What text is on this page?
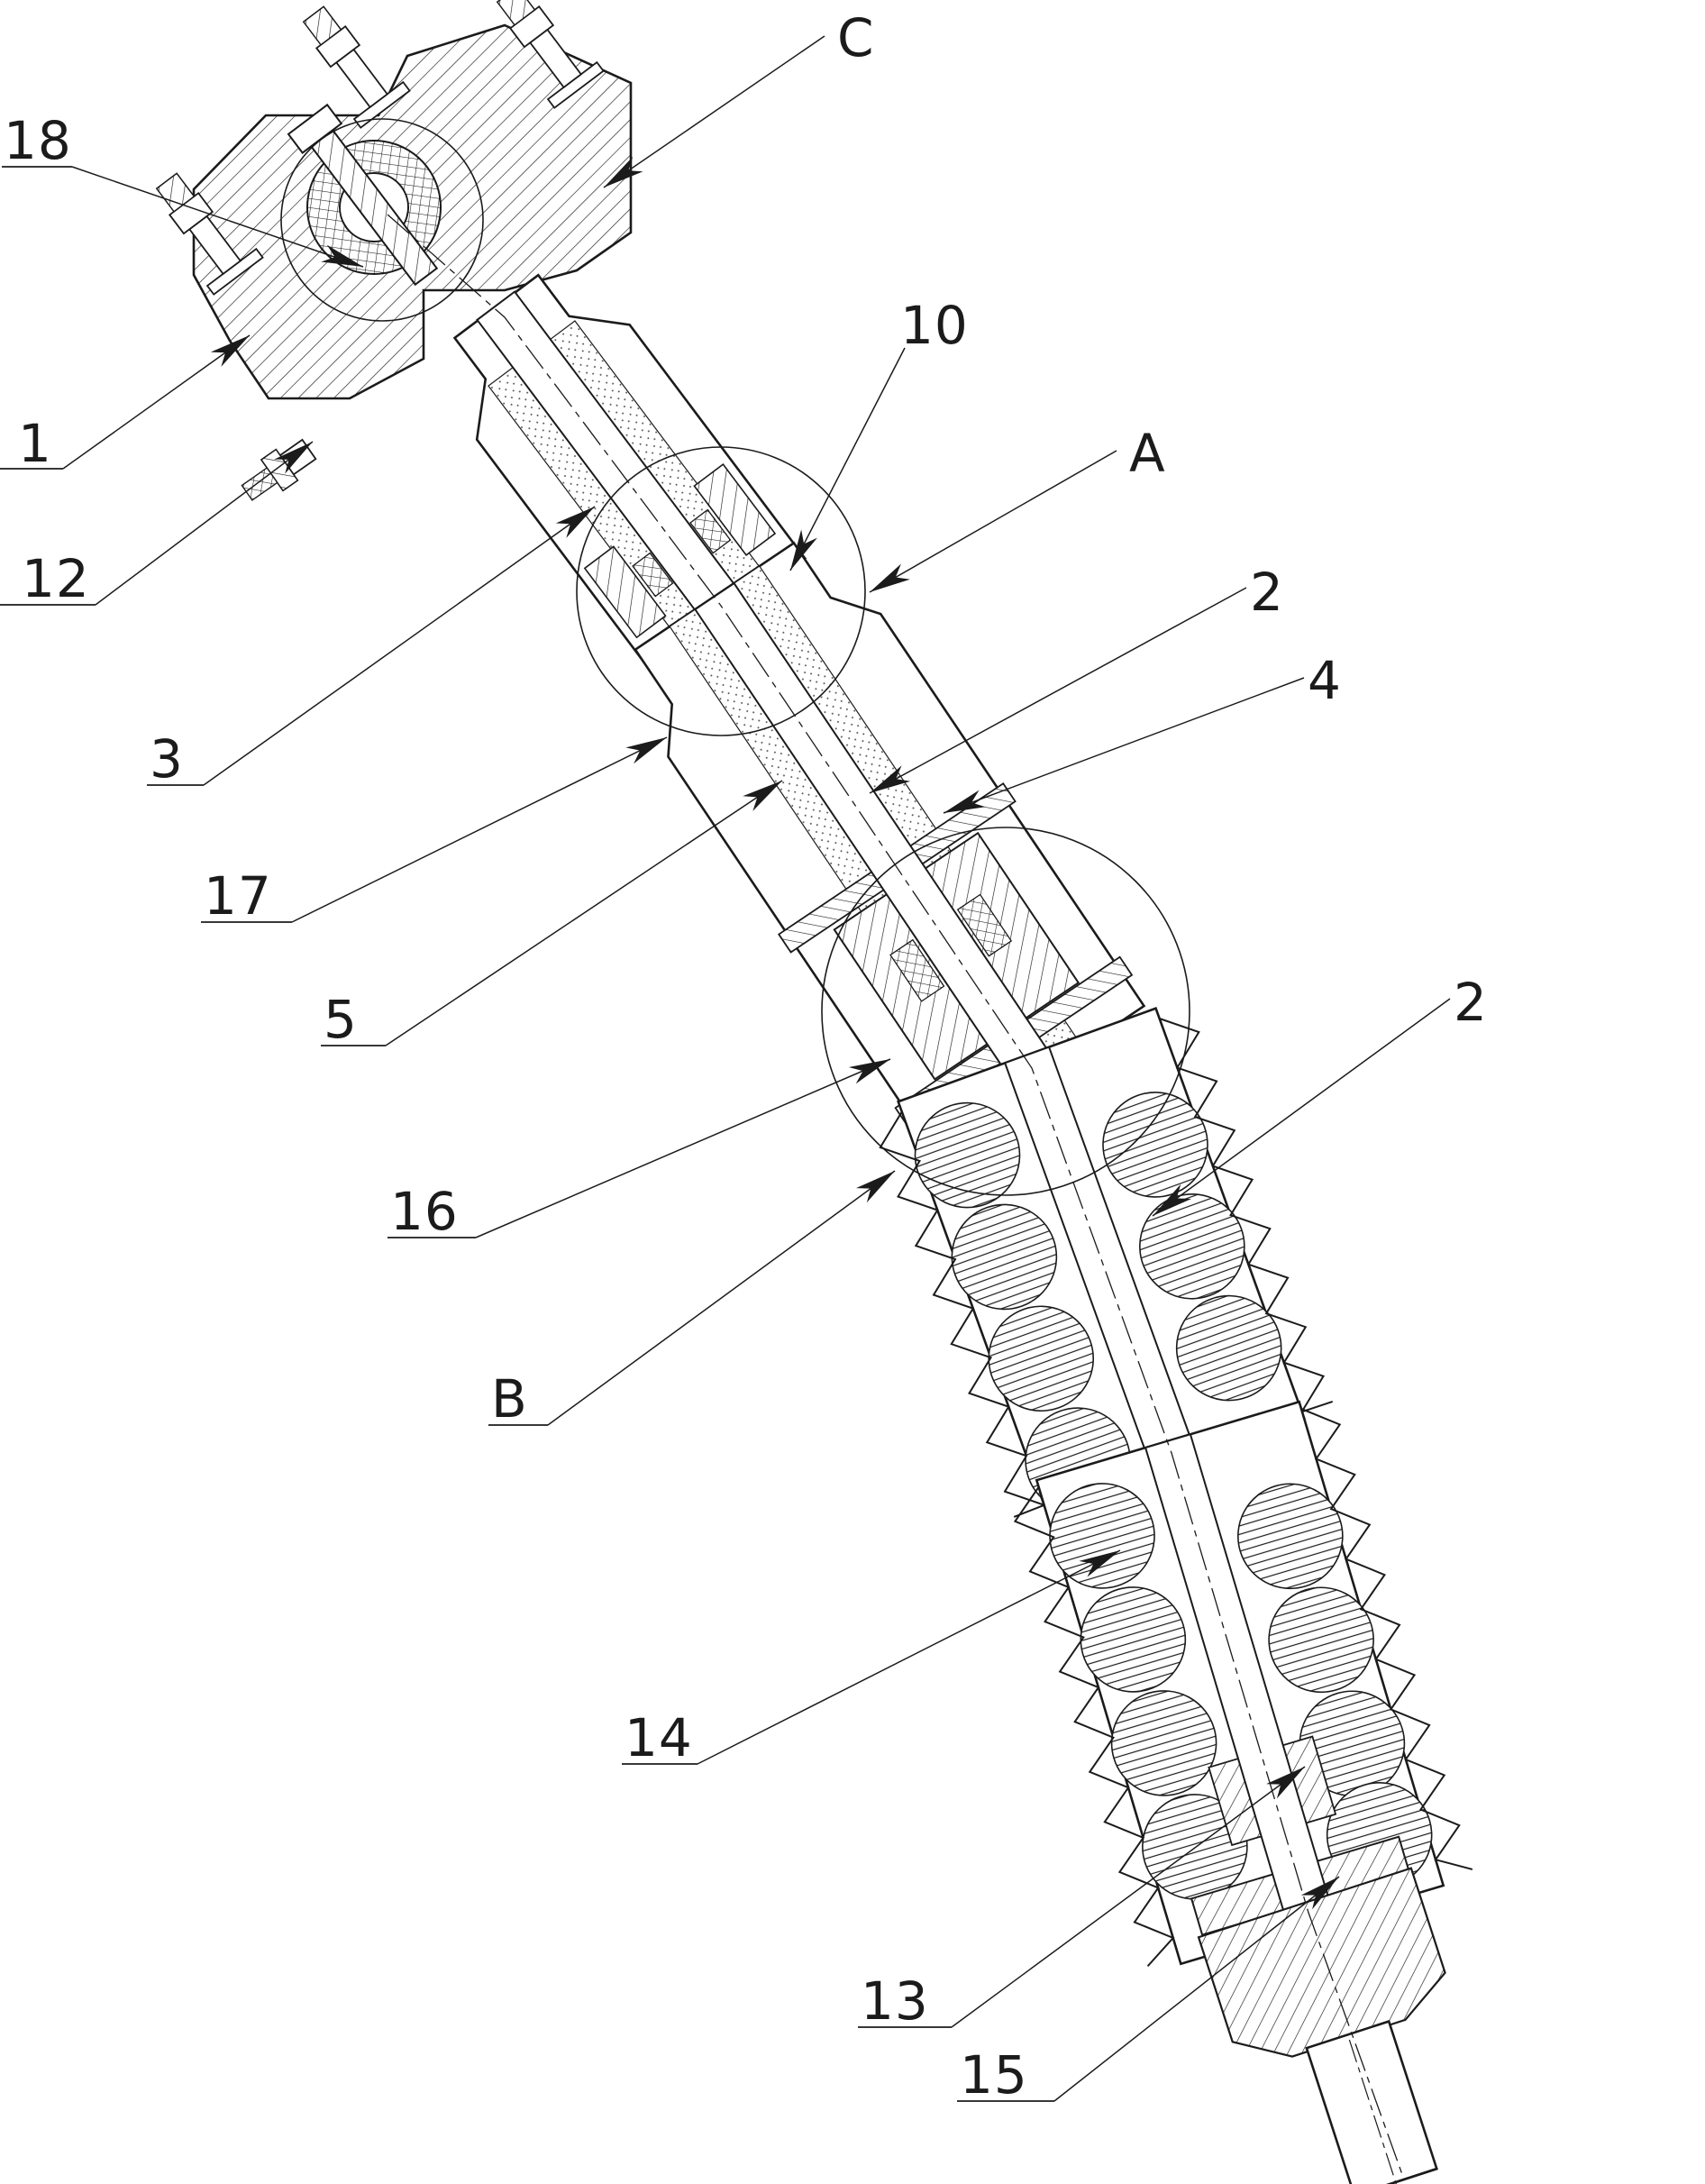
18
1
12
3
17
5
16
B
14
13
15
C
10
A
2
4
2
